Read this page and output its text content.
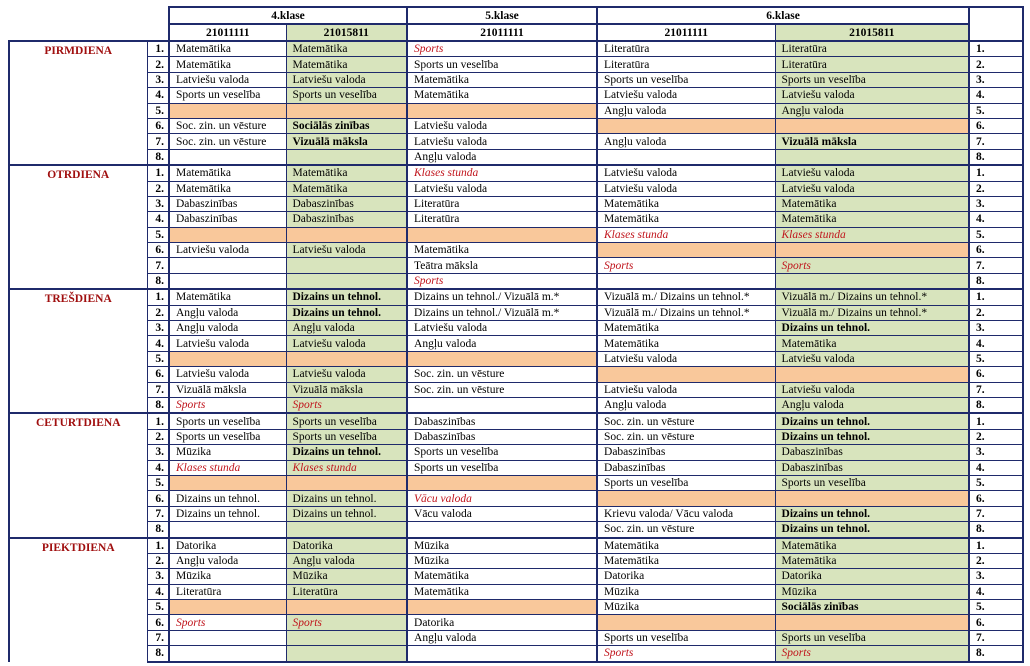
		4.klase		5.klase	6.klase		
		21011111	21015811	21011111	21011111	21015811	
PIRMDIENA	1.	Matemātika	Matemātika	Sports	Literatūra	Literatūra	1.
	2.	Matemātika	Matemātika	Sports un veselība	Literatūra	Literatūra	2.
	3.	Latviešu valoda	Latviešu valoda	Matemātika	Sports un veselība	Sports un veselība	3.
	4.	Sports un veselība	Sports un veselība	Matemātika	Latviešu valoda	Latviešu valoda	4.
	5.				Angļu valoda	Angļu valoda	5.
	6.	Soc. zin. un vēsture	Sociālās zinības	Latviešu valoda			6.
	7.	Soc. zin. un vēsture	Vizuālā māksla	Latviešu valoda	Angļu valoda	Vizuālā māksla	7.
	8.			Angļu valoda			8.
OTRDIENA	1.	Matemātika	Matemātika	Klases stunda	Latviešu valoda	Latviešu valoda	1.
	2.	Matemātika	Matemātika	Latviešu valoda	Latviešu valoda	Latviešu valoda	2.
	3.	Dabaszinības	Dabaszinības	Literatūra	Matemātika	Matemātika	3.
	4.	Dabaszinības	Dabaszinības	Literatūra	Matemātika	Matemātika	4.
	5.				Klases stunda	Klases stunda	5.
	6.	Latviešu valoda	Latviešu valoda	Matemātika			6.
	7.			Teātra māksla	Sports	Sports	7.
	8.			Sports			8.
TREŠDIENA	1.	Matemātika	Dizains un tehnol.	Dizains un tehnol./ Vizuālā m.*	Vizuālā m./ Dizains un tehnol.*	Vizuālā m./ Dizains un tehnol.*	1.
	2.	Angļu valoda	Dizains un tehnol.	Dizains un tehnol./ Vizuālā m.*	Vizuālā m./ Dizains un tehnol.*	Vizuālā m./ Dizains un tehnol.*	2.
	3.	Angļu valoda	Angļu valoda	Latviešu valoda	Matemātika	Dizains un tehnol.	3.
	4.	Latviešu valoda	Latviešu valoda	Angļu valoda	Matemātika	Matemātika	4.
	5.				Latviešu valoda	Latviešu valoda	5.
	6.	Latviešu valoda	Latviešu valoda	Soc. zin. un vēsture			6.
	7.	Vizuālā māksla	Vizuālā māksla	Soc. zin. un vēsture	Latviešu valoda	Latviešu valoda	7.
	8.	Sports	Sports		Angļu valoda	Angļu valoda	8.
CETURTDIENA	1.	Sports un veselība	Sports un veselība	Dabaszinības	Soc. zin. un vēsture	Dizains un tehnol.	1.
	2.	Sports un veselība	Sports un veselība	Dabaszinības	Soc. zin. un vēsture	Dizains un tehnol.	2.
	3.	Mūzika	Dizains un tehnol.	Sports un veselība	Dabaszinības	Dabaszinības	3.
	4.	Klases stunda	Klases stunda	Sports un veselība	Dabaszinības	Dabaszinības	4.
	5.				Sports un veselība	Sports un veselība	5.
	6.	Dizains un tehnol.	Dizains un tehnol.	Vācu valoda			6.
	7.	Dizains un tehnol.	Dizains un tehnol.	Vācu valoda	Krievu valoda/ Vācu valoda	Dizains un tehnol.	7.
	8.				Soc. zin. un vēsture	Dizains un tehnol.	8.
PIEKTDIENA	1.	Datorika	Datorika	Mūzika	Matemātika	Matemātika	1.
	2.	Angļu valoda	Angļu valoda	Mūzika	Matemātika	Matemātika	2.
	3.	Mūzika	Mūzika	Matemātika	Datorika	Datorika	3.
	4.	Literatūra	Literatūra	Matemātika	Mūzika	Mūzika	4.
	5.				Mūzika	Sociālās zinības	5.
	6.	Sports	Sports	Datorika			6.
	7.			Angļu valoda	Sports un veselība	Sports un veselība	7.
	8.				Sports	Sports	8.
